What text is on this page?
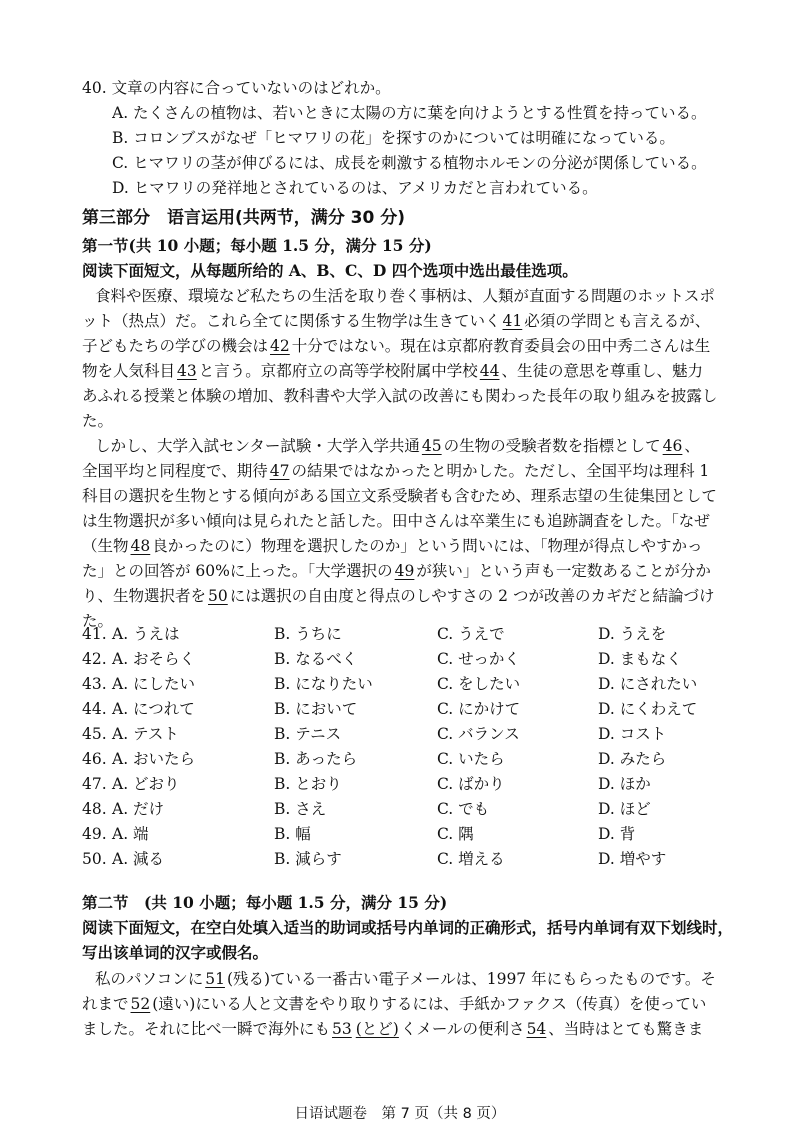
40. 文章の内容に合っていないのはどれか。
A. たくさんの植物は、若いときに太陽の方に葉を向けようとする性質を持っている。
B. コロンブスがなぜ「ヒマワリの花」を探すのかについては明確になっている。
C. ヒマワリの茎が伸びるには、成長を刺激する植物ホルモンの分泌が関係している。
D. ヒマワリの発祥地とされているのは、アメリカだと言われている。
第三部分　语言运用(共两节，满分 30 分)
第一节(共 10 小题；每小题 1.5 分，满分 15 分)
阅读下面短文，从每题所给的 A、B、C、D 四个选项中选出最佳选项。
食料や医療、環境など私たちの生活を取り巻く事柄は、人類が直面する問題のホットスポ
ット（热点）だ。これら全てに関係する生物学は生きていく 41 必須の学問とも言えるが、
子どもたちの学びの機会は 42 十分ではない。現在は京都府教育委員会の田中秀二さんは生
物を人気科目 43 と言う。京都府立の高等学校附属中学校 44 、生徒の意思を尊重し、魅力
あふれる授業と体験の増加、教科書や大学入試の改善にも関わった長年の取り組みを披露し
た。
しかし、大学入試センター試験・大学入学共通 45 の生物の受験者数を指標として 46 、
全国平均と同程度で、期待 47 の結果ではなかったと明かした。ただし、全国平均は理科 1
科目の選択を生物とする傾向がある国立文系受験者も含むため、理系志望の生徒集団として
は生物選択が多い傾向は見られたと話した。田中さんは卒業生にも追跡調査をした。「なぜ
（生物 48 良かったのに）物理を選択したのか」という問いには、「物理が得点しやすかっ
た」との回答が 60%に上った。「大学選択の 49 が狭い」という声も一定数あることが分か
り、生物選択者を 50 には選択の自由度と得点のしやすさの 2 つが改善のカギだと結論づけ
た。
41. A. うえは	B. うちに	C. うえで	D. うえを
42. A. おそらく	B. なるべく	C. せっかく	D. まもなく
43. A. にしたい	B. になりたい	C. をしたい	D. にされたい
44. A. につれて	B. において	C. にかけて	D. にくわえて
45. A. テスト	B. テニス	C. バランス	D. コスト
46. A. おいたら	B. あったら	C. いたら	D. みたら
47. A. どおり	B. とおり	C. ばかり	D. ほか
48. A. だけ	B. さえ	C. でも	D. ほど
49. A. 端	B. 幅	C. 隅	D. 背
50. A. 減る	B. 減らす	C. 増える	D. 増やす
第二节　(共 10 小题；每小题 1.5 分，满分 15 分)
阅读下面短文，在空白处填入适当的助词或括号内单词的正确形式，括号内单词有双下划线时，
写出该单词的汉字或假名。
私のパソコンに 51 (残る)ている一番古い電子メールは、1997 年にもらったものです。そ
れまで 52 (遠い)にいる人と文書をやり取りするには、手紙かファクス（传真）を使ってい
ました。それに比べ一瞬で海外にも 53 (とど) くメールの便利さ 54 、当時はとても驚きま
日语试题卷　第 7 页（共 8 页）
